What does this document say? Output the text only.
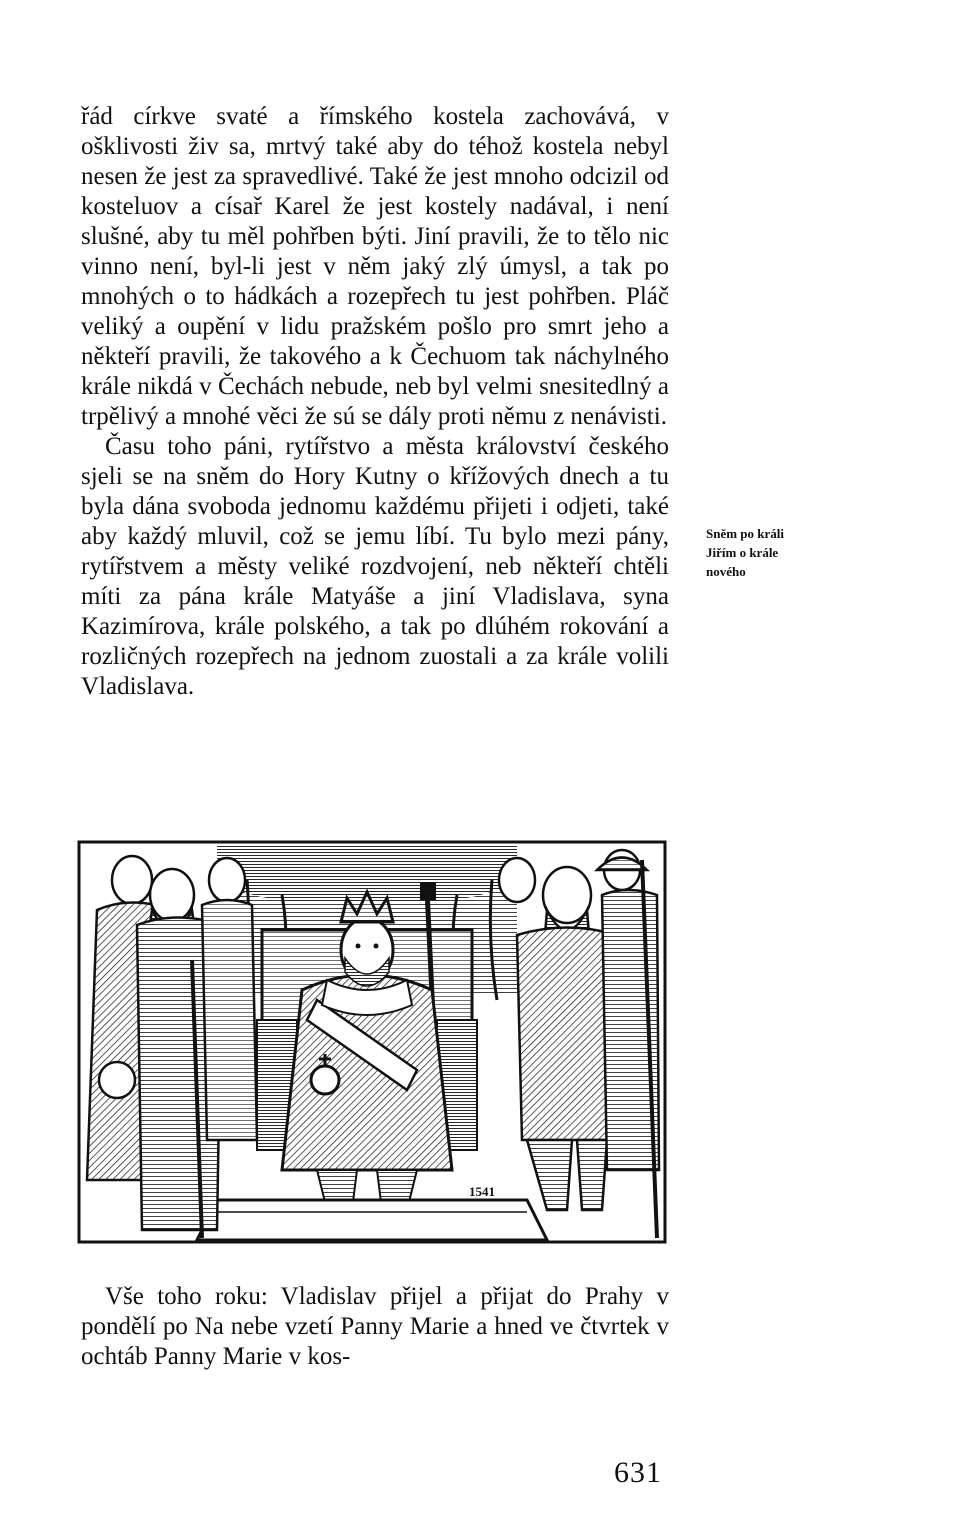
řád církve svaté a římského kostela zachovává, v ošklivosti živ sa, mrtvý také aby do téhož kostela nebyl nesen že jest za spravedlivé. Také že jest mnoho odcizil od kosteluov a císař Karel že jest kostely nadával, i není slušné, aby tu měl pohřben býti. Jiní pravili, že to tělo nic vinno není, byl-li jest v něm jaký zlý úmysl, a tak po mnohých o to hádkách a rozepřech tu jest pohřben. Pláč veliký a oupění v lidu pražském pošlo pro smrt jeho a někteří pravili, že takového a k Čechuom tak náchylného krále nikdá v Čechách nebude, neb byl velmi snesitedlný a trpělivý a mnohé věci že sú se dály proti němu z nenávisti.

Času toho páni, rytířstvo a města království českého sjeli se na sněm do Hory Kutny o křížových dnech a tu byla dána svoboda jednomu každému přijeti i odjeti, také aby každý mluvil, což se jemu líbí. Tu bylo mezi pány, rytířstvem a městy veliké rozdvojení, neb někteří chtěli míti za pána krále Matyáše a jiní Vladislava, syna Kazimírova, krále polského, a tak po dlúhém rokování a rozličných rozepřech na jednom zuostali a za krále volili Vladislava.

Sněm po králi
Jiřím o krále
nového
1541

Vše toho roku: Vladislav přijel a přijat do Prahy v pondělí po Na nebe vzetí Panny Marie a hned ve čtvrtek v ochtáb Panny Marie v kos-

631
